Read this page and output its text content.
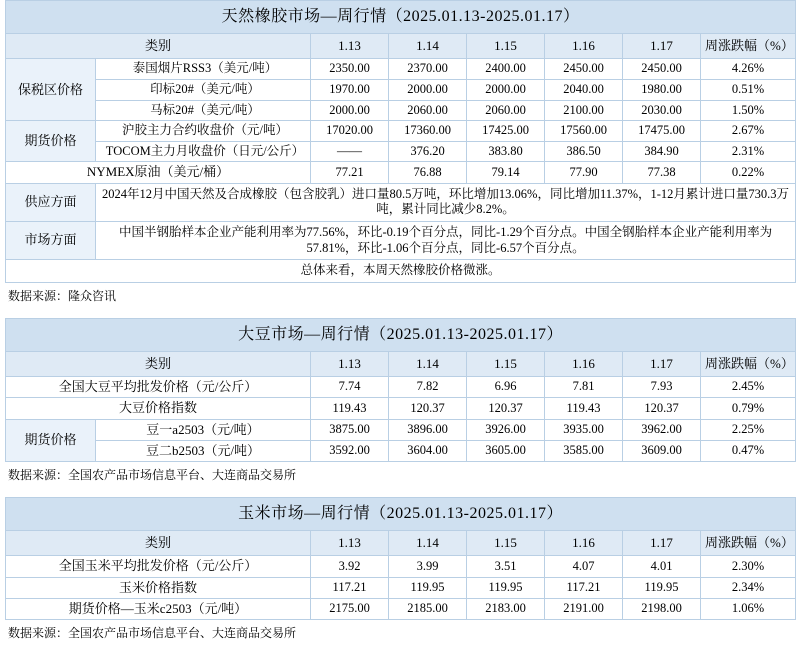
天然橡胶市场—周行情（2025.01.13-2025.01.17）							
类别		1.13	1.14	1.15	1.16	1.17	周涨跌幅（%）
保税区价格	泰国烟片RSS3（美元/吨）	2350.00	2370.00	2400.00	2450.00	2450.00	4.26%
	印标20#（美元/吨）	1970.00	2000.00	2000.00	2040.00	1980.00	0.51%
	马标20#（美元/吨）	2000.00	2060.00	2060.00	2100.00	2030.00	1.50%
期货价格	沪胶主力合约收盘价（元/吨）	17020.00	17360.00	17425.00	17560.00	17475.00	2.67%
	TOCOM主力月收盘价（日元/公斤）	——	376.20	383.80	386.50	384.90	2.31%
NYMEX原油（美元/桶）		77.21	76.88	79.14	77.90	77.38	0.22%
供应方面	2024年12月中国天然及合成橡胶（包含胶乳）进口量80.5万吨，环比增加13.06%，同比增加11.37%，1-12月累计进口量730.3万吨，累计同比减少8.2%。						
市场方面	中国半钢胎样本企业产能利用率为77.56%，环比-0.19个百分点，同比-1.29个百分点。中国全钢胎样本企业产能利用率为57.81%，环比-1.06个百分点，同比-6.57个百分点。						
总体来看，本周天然橡胶价格微涨。							
数据来源：隆众咨讯
大豆市场—周行情（2025.01.13-2025.01.17）							
类别		1.13	1.14	1.15	1.16	1.17	周涨跌幅（%）
全国大豆平均批发价格（元/公斤）		7.74	7.82	6.96	7.81	7.93	2.45%
大豆价格指数		119.43	120.37	120.37	119.43	120.37	0.79%
期货价格	豆一a2503（元/吨）	3875.00	3896.00	3926.00	3935.00	3962.00	2.25%
	豆二b2503（元/吨）	3592.00	3604.00	3605.00	3585.00	3609.00	0.47%
数据来源：全国农产品市场信息平台、大连商品交易所
玉米市场—周行情（2025.01.13-2025.01.17）						
类别	1.13	1.14	1.15	1.16	1.17	周涨跌幅（%）
全国玉米平均批发价格（元/公斤）	3.92	3.99	3.51	4.07	4.01	2.30%
玉米价格指数	117.21	119.95	119.95	117.21	119.95	2.34%
期货价格—玉米c2503（元/吨）	2175.00	2185.00	2183.00	2191.00	2198.00	1.06%
数据来源：全国农产品市场信息平台、大连商品交易所
